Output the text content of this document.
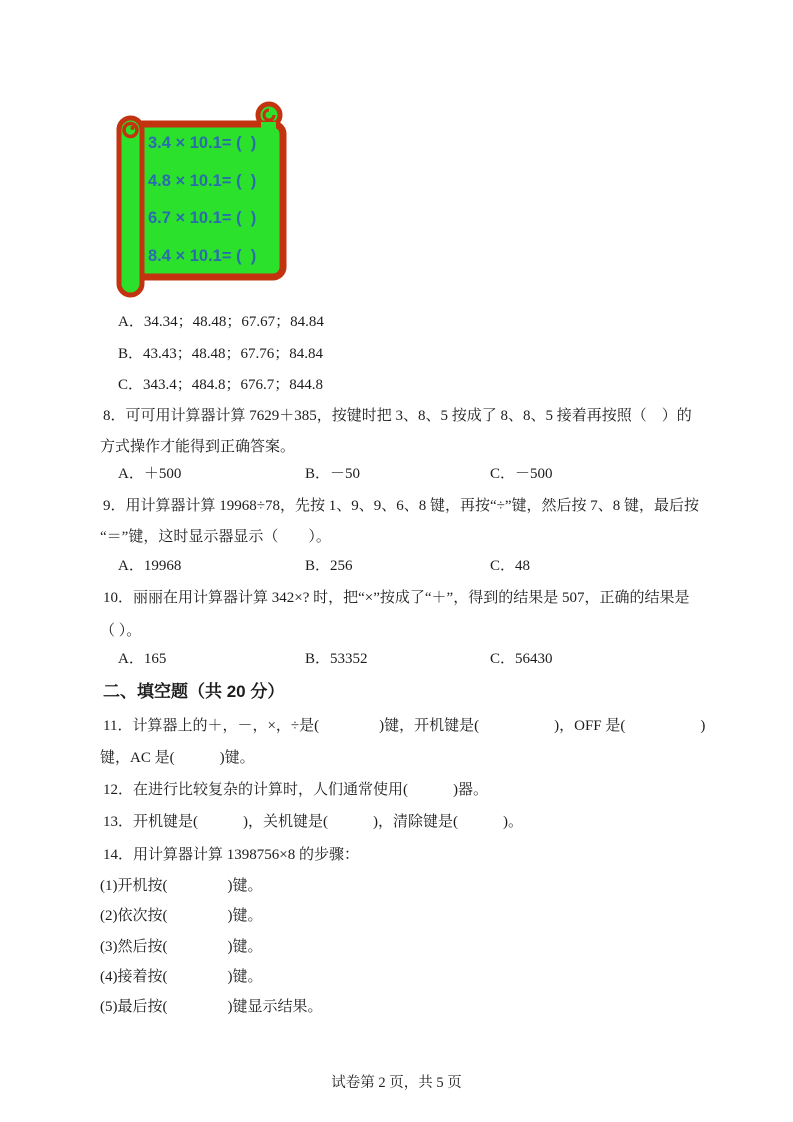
3.4 × 10.1= (  )
4.8 × 10.1= (  )
6.7 × 10.1= (  )
8.4 × 10.1= (  )
A．34.34；48.48；67.67；84.84
B．43.43；48.48；67.76；84.84
C．343.4；484.8；676.7；844.8
8．可可用计算器计算 7629＋385，按键时把 3、8、5 按成了 8、8、5 接着再按照（　）的
方式操作才能得到正确答案。
A．＋500	B．－50	C．－500
9．用计算器计算 19968÷78，先按 1、9、9、6、8 键，再按“÷”键，然后按 7、8 键，最后按
“＝”键，这时显示器显示（　　）。
A．19968	B．256	C．48
10．丽丽在用计算器计算 342×? 时，把“×”按成了“＋”，得到的结果是 507，正确的结果是
（ ）。
A．165	B．53352	C．56430
二、填空题（共 20 分）
11．计算器上的＋，－，×，÷是(　　　　)键，开机键是(　　　　　)，OFF 是(　　　　　)
键，AC 是(　　　)键。
12．在进行比较复杂的计算时，人们通常使用(　　　)器。
13．开机键是(　　　)，关机键是(　　　)，清除键是(　　　)。
14．用计算器计算 1398756×8 的步骤：
(1)开机按(　　　　)键。
(2)依次按(　　　　)键。
(3)然后按(　　　　)键。
(4)接着按(　　　　)键。
(5)最后按(　　　　)键显示结果。
试卷第 2 页，共 5 页
